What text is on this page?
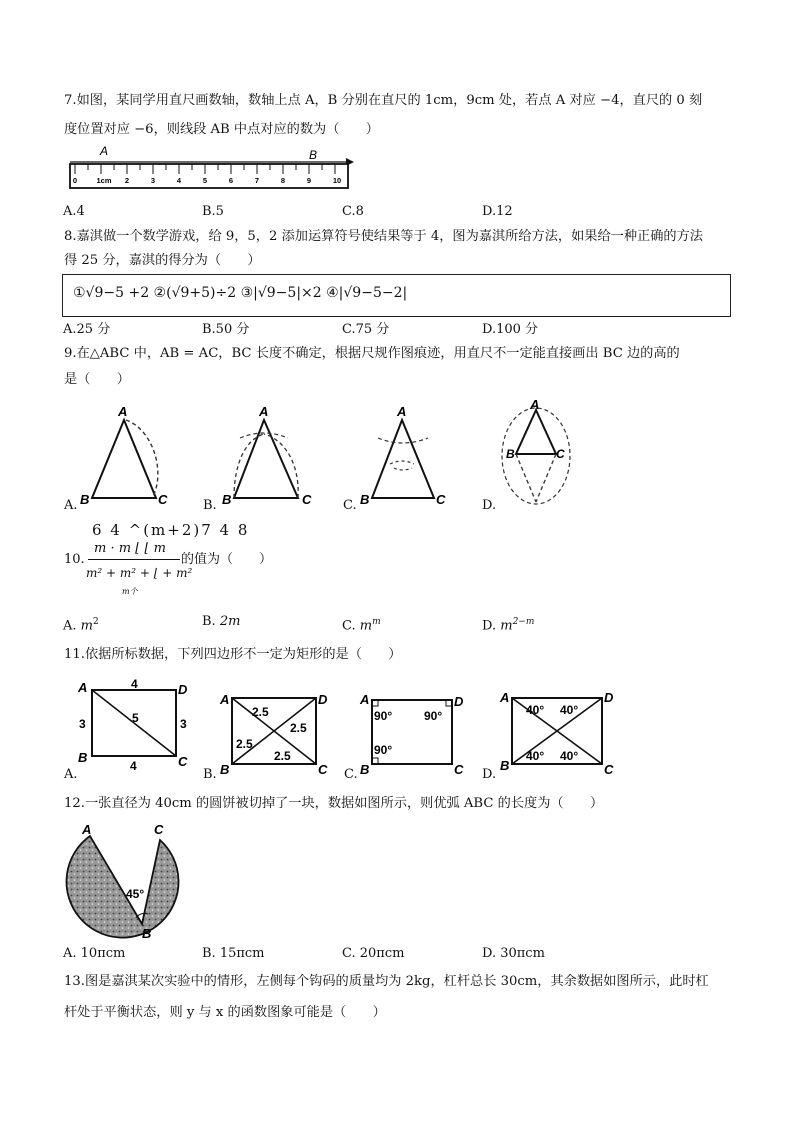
7.如图，某同学用直尺画数轴，数轴上点 A，B 分别在直尺的 1cm，9cm 处，若点 A 对应 −4，直尺的 0 刻
度位置对应 −6，则线段 AB 中点对应的数为（　　）
A	B
0	1cm 2	3	4	5	6	7	8	9	10
A.4	B.5	C.8	D.12
8.嘉淇做一个数学游戏，给 9，5，2 添加运算符号使结果等于 4，图为嘉淇所给方法，如果给一种正确的方法
得 25 分，嘉淇的得分为（　　）
①√9−5 +2 ②(√9+5)÷2 ③|√9−5|×2 ④|√9−5−2|
A.25 分	B.50 分	C.75 分	D.100 分
9.在△ABC 中，AB = AC，BC 长度不确定，根据尺规作图痕迹，用直尺不一定能直接画出 BC 边的高的
是（　　）
A.
A
B	C	B.
A
B	C C.
A
B	C	D.
A
B	C
10.
6 4 ^(m+2)7 4 8
m · m ⌊ ⌊ m
m² + m² + ⌊ + m²
m个
的值为（　　）
A. $m^2$	B. 2m	C. $m^m$	D. $m^{2-m}$
11.依据所标数据，下列四边形不一定为矩形的是（　　）
A.
A	D
B	C
4
3	5	3
4
B.
A	D
B	C
2.5
2.5
2.5
2.5
C.
A	D
B	C
90°	90°
90°
D.
A	D
B	C
40° 40°
40° 40°
12.一张直径为 40cm 的圆饼被切掉了一块，数据如图所示，则优弧 ABC 的长度为（　　）
A	C
B
45°
A. 10πcm	B. 15πcm	C. 20πcm	D. 30πcm
13.图是嘉淇某次实验中的情形，左侧每个钩码的质量均为 2kg，杠杆总长 30cm，其余数据如图所示，此时杠
杆处于平衡状态，则 y 与 x 的函数图象可能是（　　）
